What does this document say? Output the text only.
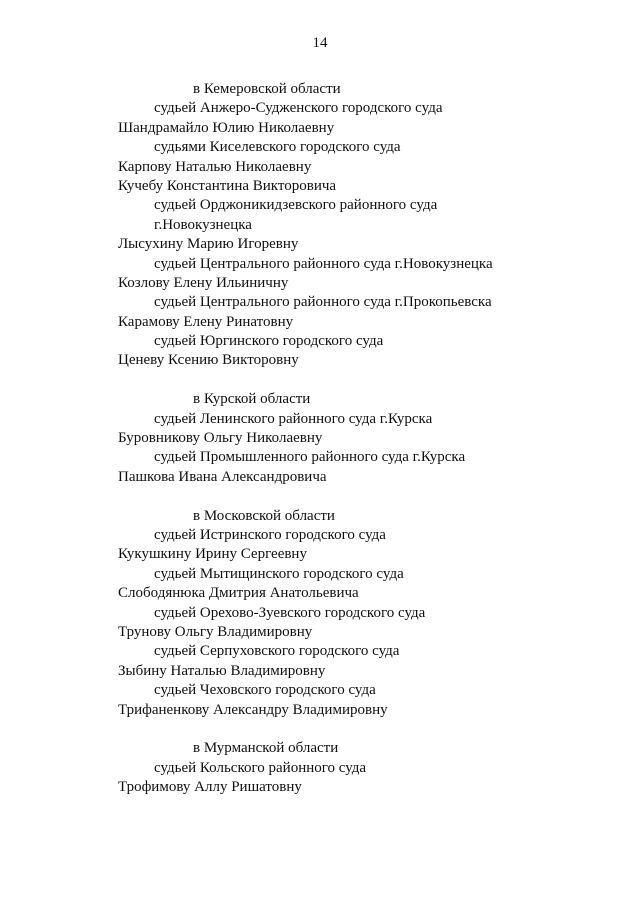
14
в Кемеровской области
судьей Анжеро-Судженского городского суда
Шандрамайло Юлию Николаевну
судьями Киселевского городского суда
Карпову Наталью Николаевну
Кучебу Константина Викторовича
судьей Орджоникидзевского районного суда
г.Новокузнецка
Лысухину Марию Игоревну
судьей Центрального районного суда г.Новокузнецка
Козлову Елену Ильиничну
судьей Центрального районного суда г.Прокопьевска
Карамову Елену Ринатовну
судьей Юргинского городского суда
Ценеву Ксению Викторовну
в Курской области
судьей Ленинского районного суда г.Курска
Буровникову Ольгу Николаевну
судьей Промышленного районного суда г.Курска
Пашкова Ивана Александровича
в Московской области
судьей Истринского городского суда
Кукушкину Ирину Сергеевну
судьей Мытищинского городского суда
Слободянюка Дмитрия Анатольевича
судьей Орехово-Зуевского городского суда
Трунову Ольгу Владимировну
судьей Серпуховского городского суда
Зыбину Наталью Владимировну
судьей Чеховского городского суда
Трифаненкову Александру Владимировну
в Мурманской области
судьей Кольского районного суда
Трофимову Аллу Ришатовну
